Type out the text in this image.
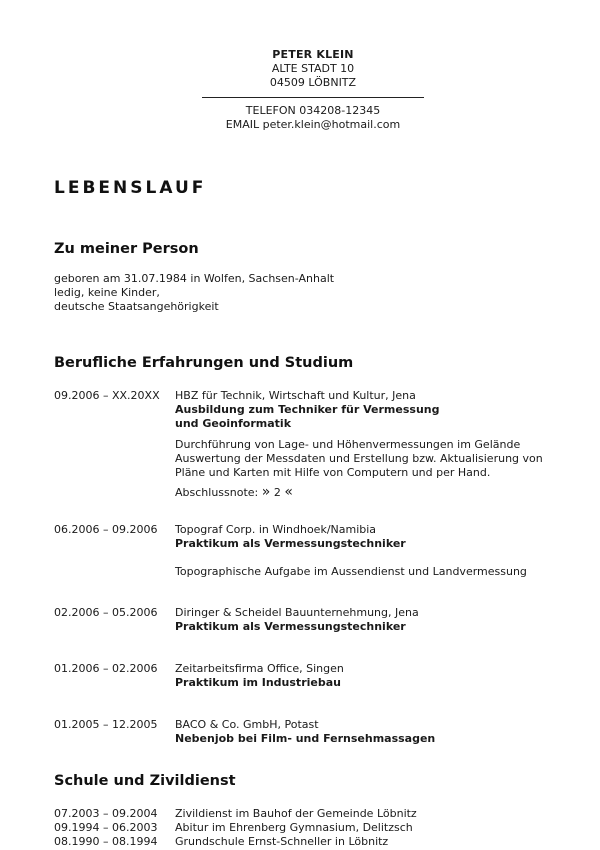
PETER KLEIN
ALTE STADT 10
04509 LÖBNITZ
TELEFON 034208-12345
EMAIL peter.klein@hotmail.com
LEBENSLAUF
Zu meiner Person
geboren am 31.07.1984 in Wolfen, Sachsen-Anhalt
ledig, keine Kinder,
deutsche Staatsangehörigkeit
Berufliche Erfahrungen und Studium
09.2006 – XX.20XX HBZ für Technik, Wirtschaft und Kultur, Jena
Ausbildung zum Techniker für Vermessung
und Geoinformatik
Durchführung von Lage- und Höhenvermessungen im Gelände Auswertung der Messdaten und Erstellung bzw. Aktualisierung von Pläne und Karten mit Hilfe von Computern und per Hand.
Abschlussnote: » 2 «
06.2006 – 09.2006 Topograf Corp. in Windhoek/Namibia
Praktikum als Vermessungstechniker
Topographische Aufgabe im Aussendienst und Landvermessung
02.2006 – 05.2006 Diringer & Scheidel Bauunternehmung, Jena
Praktikum als Vermessungstechniker
01.2006 – 02.2006 Zeitarbeitsfirma Office, Singen
Praktikum im Industriebau
01.2005 – 12.2005 BACO & Co. GmbH, Potast
Nebenjob bei Film- und Fernsehmassagen
Schule und Zivildienst
07.2003 – 09.2004 Zivildienst im Bauhof der Gemeinde Löbnitz
09.1994 – 06.2003 Abitur im Ehrenberg Gymnasium, Delitzsch
08.1990 – 08.1994 Grundschule Ernst-Schneller in Löbnitz
